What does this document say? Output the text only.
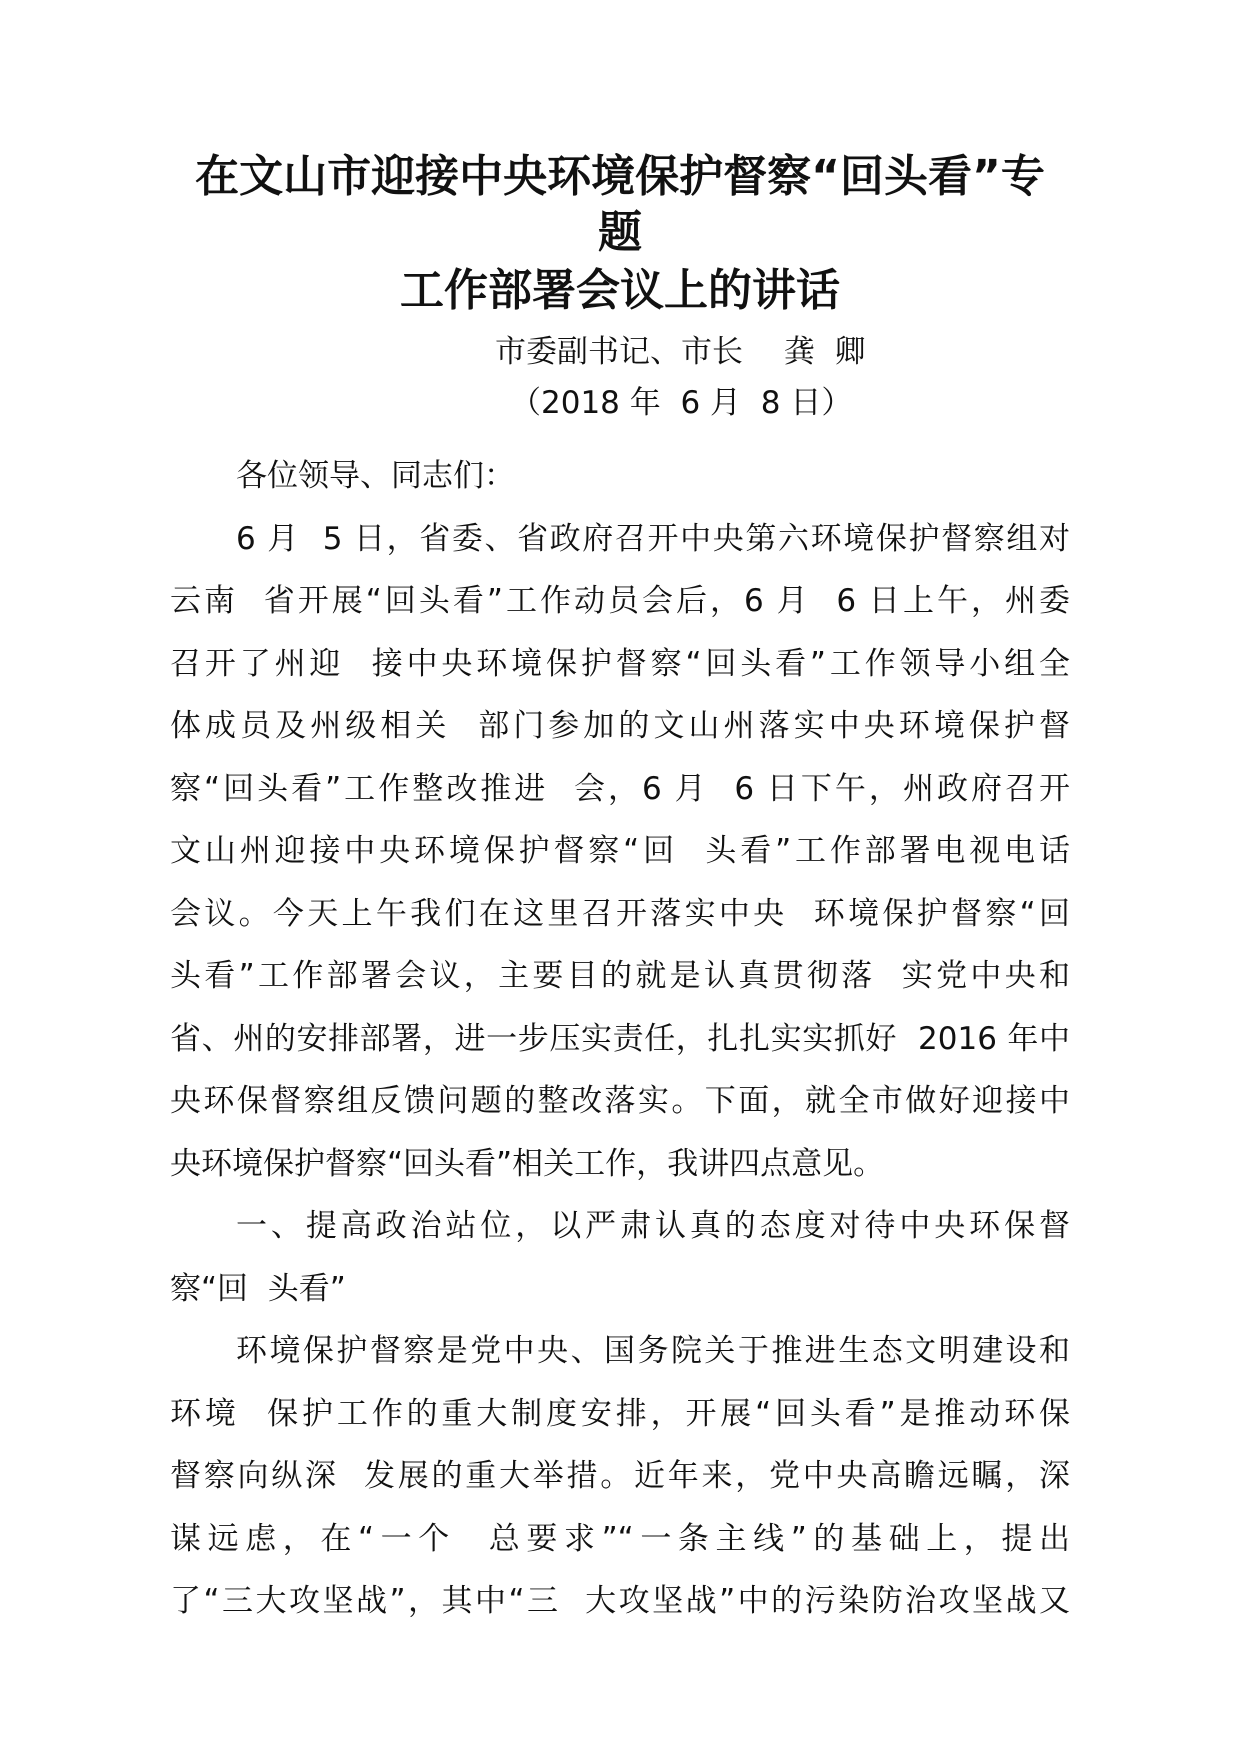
在文山市迎接中央环境保护督察“回头看”专
题
工作部署会议上的讲话

市委副书记、市长　 龚  卿

（2018 年  6 月  8 日）

各位领导、同志们：

6 月  5 日，省委、省政府召开中央第六环境保护督察组对

云南  省开展“回头看”工作动员会后，6 月  6 日上午，州委

召开了州迎  接中央环境保护督察“回头看”工作领导小组全

体成员及州级相关  部门参加的文山州落实中央环境保护督

察“回头看”工作整改推进  会，6 月  6 日下午，州政府召开

文山州迎接中央环境保护督察“回  头看”工作部署电视电话

会议。今天上午我们在这里召开落实中央  环境保护督察“回

头看”工作部署会议，主要目的就是认真贯彻落  实党中央和

省、州的安排部署，进一步压实责任，扎扎实实抓好  2016 年中

央环保督察组反馈问题的整改落实。下面，就全市做好迎接中

央环境保护督察“回头看”相关工作，我讲四点意见。

一、提高政治站位，以严肃认真的态度对待中央环保督

察“回  头看”

环境保护督察是党中央、国务院关于推进生态文明建设和

环境  保护工作的重大制度安排，开展“回头看”是推动环保

督察向纵深  发展的重大举措。近年来，党中央高瞻远瞩，深

谋远虑，在“一个  总要求”“一条主线”的基础上，提出

了“三大攻坚战”，其中“三  大攻坚战”中的污染防治攻坚战又
